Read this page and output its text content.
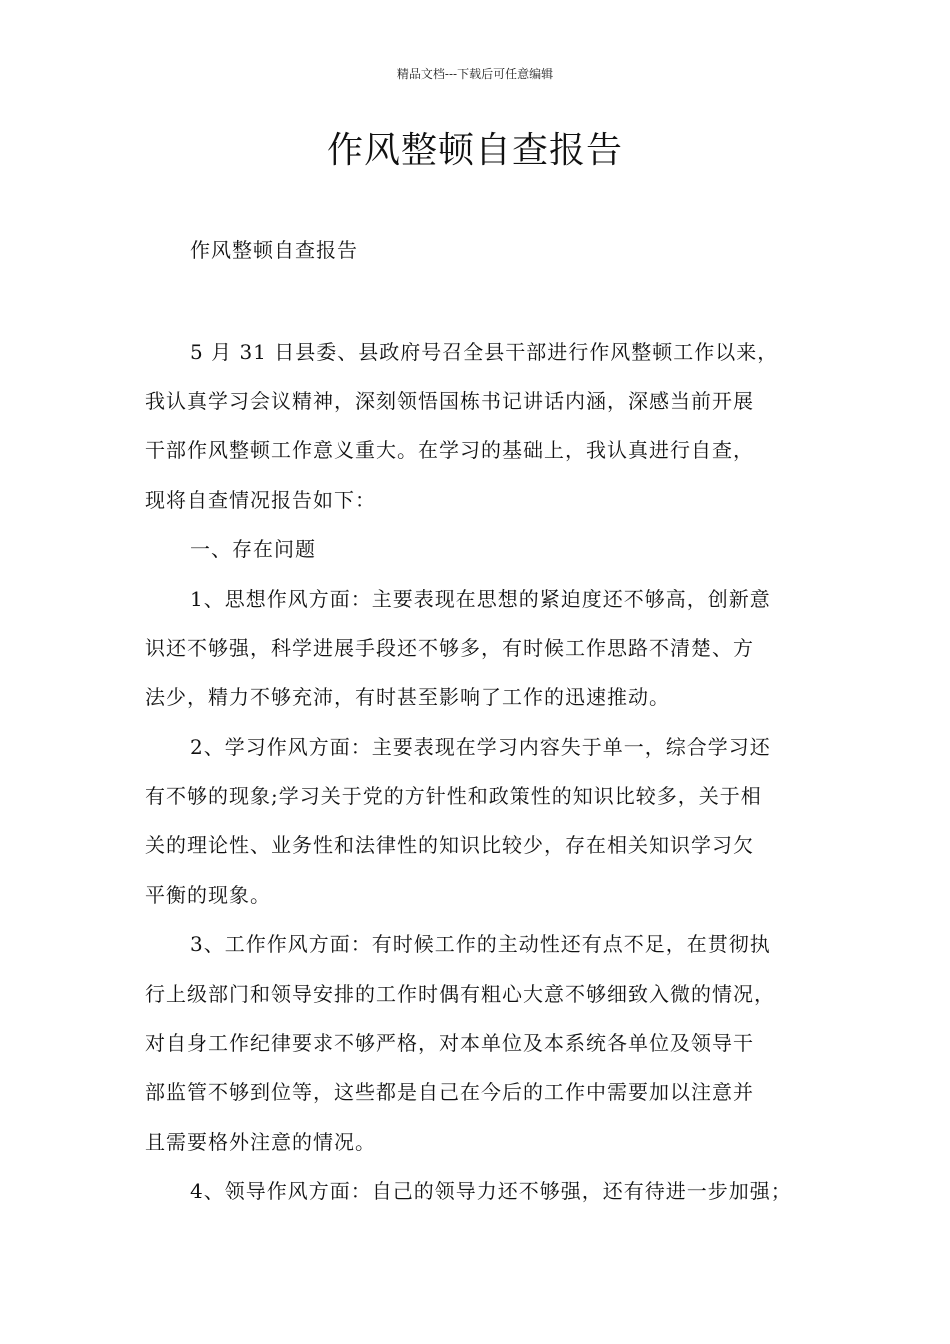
精品文档---下载后可任意编辑
作风整顿自查报告
作风整顿自查报告
5 月 31 日县委、县政府号召全县干部进行作风整顿工作以来，
我认真学习会议精神，深刻领悟国栋书记讲话内涵，深感当前开展
干部作风整顿工作意义重大。在学习的基础上，我认真进行自查，
现将自查情况报告如下：
一、存在问题
1、思想作风方面：主要表现在思想的紧迫度还不够高，创新意
识还不够强，科学进展手段还不够多，有时候工作思路不清楚、方
法少，精力不够充沛，有时甚至影响了工作的迅速推动。
2、学习作风方面：主要表现在学习内容失于单一，综合学习还
有不够的现象;学习关于党的方针性和政策性的知识比较多，关于相
关的理论性、业务性和法律性的知识比较少，存在相关知识学习欠
平衡的现象。
3、工作作风方面：有时候工作的主动性还有点不足，在贯彻执
行上级部门和领导安排的工作时偶有粗心大意不够细致入微的情况，
对自身工作纪律要求不够严格，对本单位及本系统各单位及领导干
部监管不够到位等，这些都是自己在今后的工作中需要加以注意并
且需要格外注意的情况。
4、领导作风方面：自己的领导力还不够强，还有待进一步加强；
